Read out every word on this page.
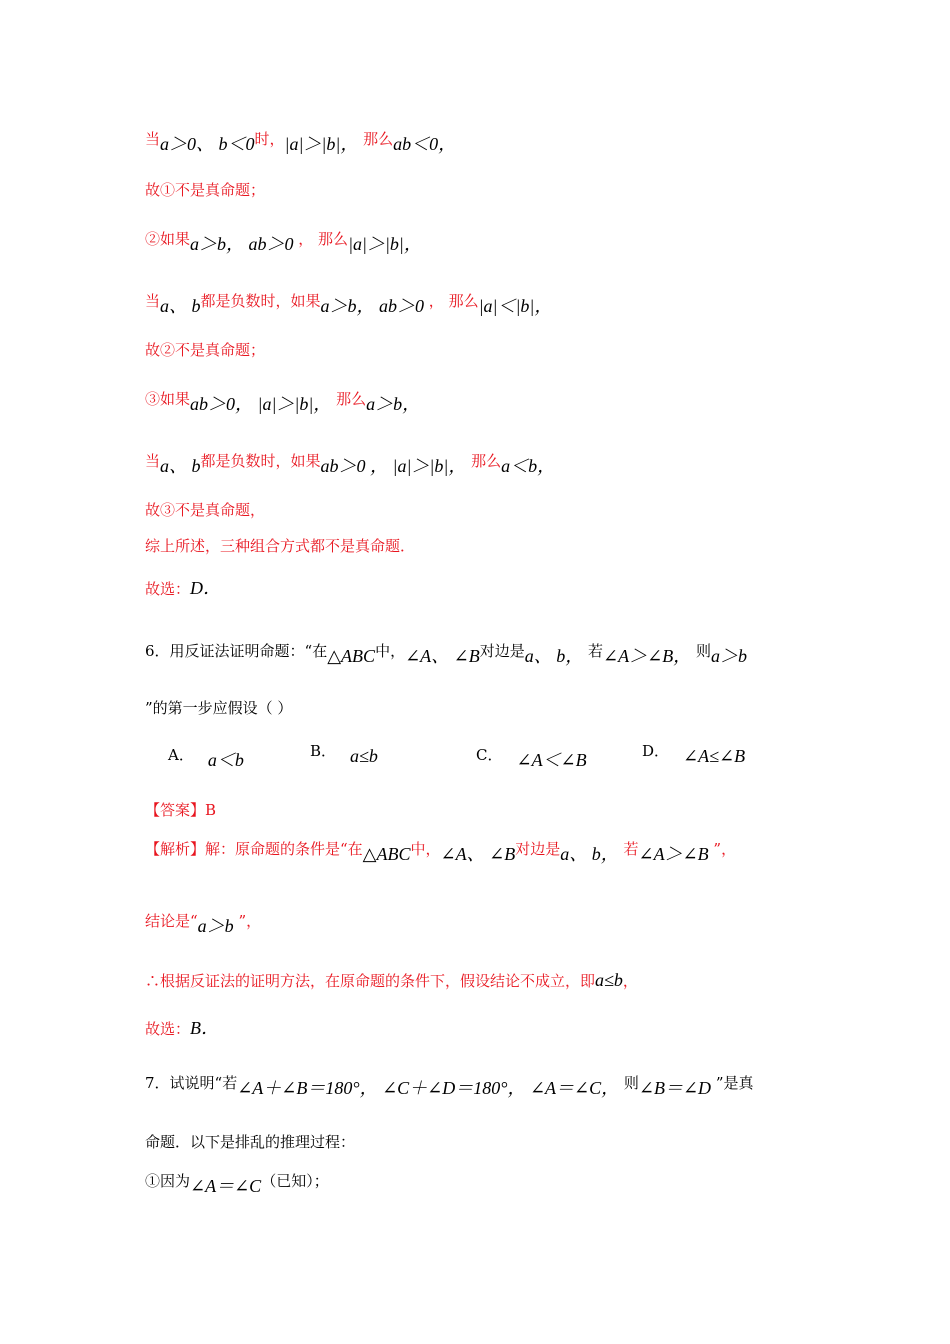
当a＞0、 b＜0时，|a|＞|b|， 那么ab＜0，
故①不是真命题；
②如果a＞b， ab＞0 ， 那么|a|＞|b|，
当a、 b都是负数时，如果a＞b， ab＞0 ， 那么|a|＜|b|，
故②不是真命题；
③如果ab＞0， |a|＞|b|， 那么a＞b，
当a、 b都是负数时，如果ab＞0 ， |a|＞|b|， 那么a＜b，
故③不是真命题，
综上所述，三种组合方式都不是真命题．
故选：D．
6．用反证法证明命题：“在△ABC中，∠A、 ∠B对边是a、 b， 若∠A＞∠B， 则a＞b
”的第一步应假设（ ）
【答案】B
【解析】解：原命题的条件是“在△ABC中，∠A、 ∠B对边是a、 b， 若∠A＞∠B ”，
结论是“a＞b ”，
∴根据反证法的证明方法，在原命题的条件下，假设结论不成立，即a≤b，
故选：B．
7．试说明“若∠A＋∠B＝180°， ∠C＋∠D＝180°， ∠A＝∠C， 则∠B＝∠D ”是真
命题．以下是排乱的推理过程：
①因为∠A＝∠C（已知）；
A． a＜b	B． a≤b	C． ∠A＜∠B	D． ∠A≤∠B
